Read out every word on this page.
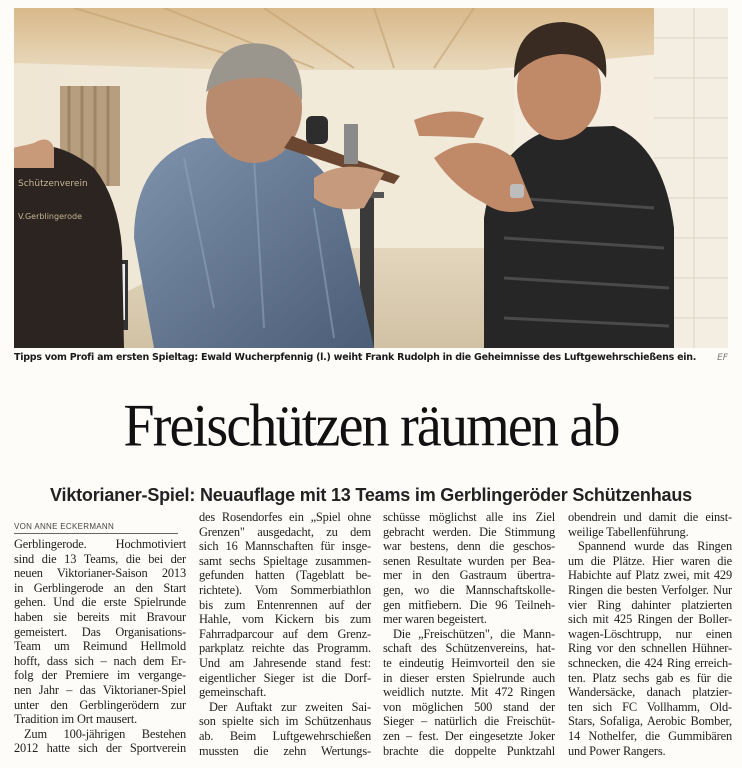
Schützenverein
V.Gerblingerode
Tipps vom Profi am ersten Spieltag: Ewald Wucherpfennig (l.) weiht Frank Rudolph in die Geheimnisse des Luftgewehrschießens ein. EF
Freischützen räumen ab
Viktorianer-Spiel: Neuauflage mit 13 Teams im Gerblingeröder Schützenhaus
VON ANNE ECKERMANN
Gerblingerode. Hochmotiviert
sind die 13 Teams, die bei der
neuen Viktorianer-Saison 2013
in Gerblingerode an den Start
gehen. Und die erste Spielrunde
haben sie bereits mit Bravour
gemeistert. Das Organisations-
Team um Reimund Hellmold
hofft, dass sich – nach dem Er-
folg der Premiere im vergange-
nen Jahr – das Viktorianer-Spiel
unter den Gerblingerödern zur
Tradition im Ort mausert.
Zum 100-jährigen Bestehen
2012 hatte sich der Sportverein
des Rosendorfes ein „Spiel ohne
Grenzen" ausgedacht, zu dem
sich 16 Mannschaften für insge-
samt sechs Spieltage zusammen-
gefunden hatten (Tageblatt be-
richtete). Vom Sommerbiathlon
bis zum Entenrennen auf der
Hahle, vom Kickern bis zum
Fahrradparcour auf dem Grenz-
parkplatz reichte das Programm.
Und am Jahresende stand fest:
eigentlicher Sieger ist die Dorf-
gemeinschaft.
Der Auftakt zur zweiten Sai-
son spielte sich im Schützenhaus
ab. Beim Luftgewehrschießen
mussten die zehn Wertungs-
schüsse möglichst alle ins Ziel
gebracht werden. Die Stimmung
war bestens, denn die geschos-
senen Resultate wurden per Bea-
mer in den Gastraum übertra-
gen, wo die Mannschaftskolle-
gen mitfiebern. Die 96 Teilneh-
mer waren begeistert.
Die „Freischützen", die Mann-
schaft des Schützenvereins, hat-
te eindeutig Heimvorteil den sie
in dieser ersten Spielrunde auch
weidlich nutzte. Mit 472 Ringen
von möglichen 500 stand der
Sieger – natürlich die Freischüt-
zen – fest. Der eingesetzte Joker
brachte die doppelte Punktzahl
obendrein und damit die einst-
weilige Tabellenführung.
Spannend wurde das Ringen
um die Plätze. Hier waren die
Habichte auf Platz zwei, mit 429
Ringen die besten Verfolger. Nur
vier Ring dahinter platzierten
sich mit 425 Ringen der Boller-
wagen-Löschtrupp, nur einen
Ring vor den schnellen Hühner-
schnecken, die 424 Ring erreich-
ten. Platz sechs gab es für die
Wandersäcke, danach platzier-
ten sich FC Vollhamm, Old-
Stars, Sofaliga, Aerobic Bomber,
14 Nothelfer, die Gummibären
und Power Rangers.
